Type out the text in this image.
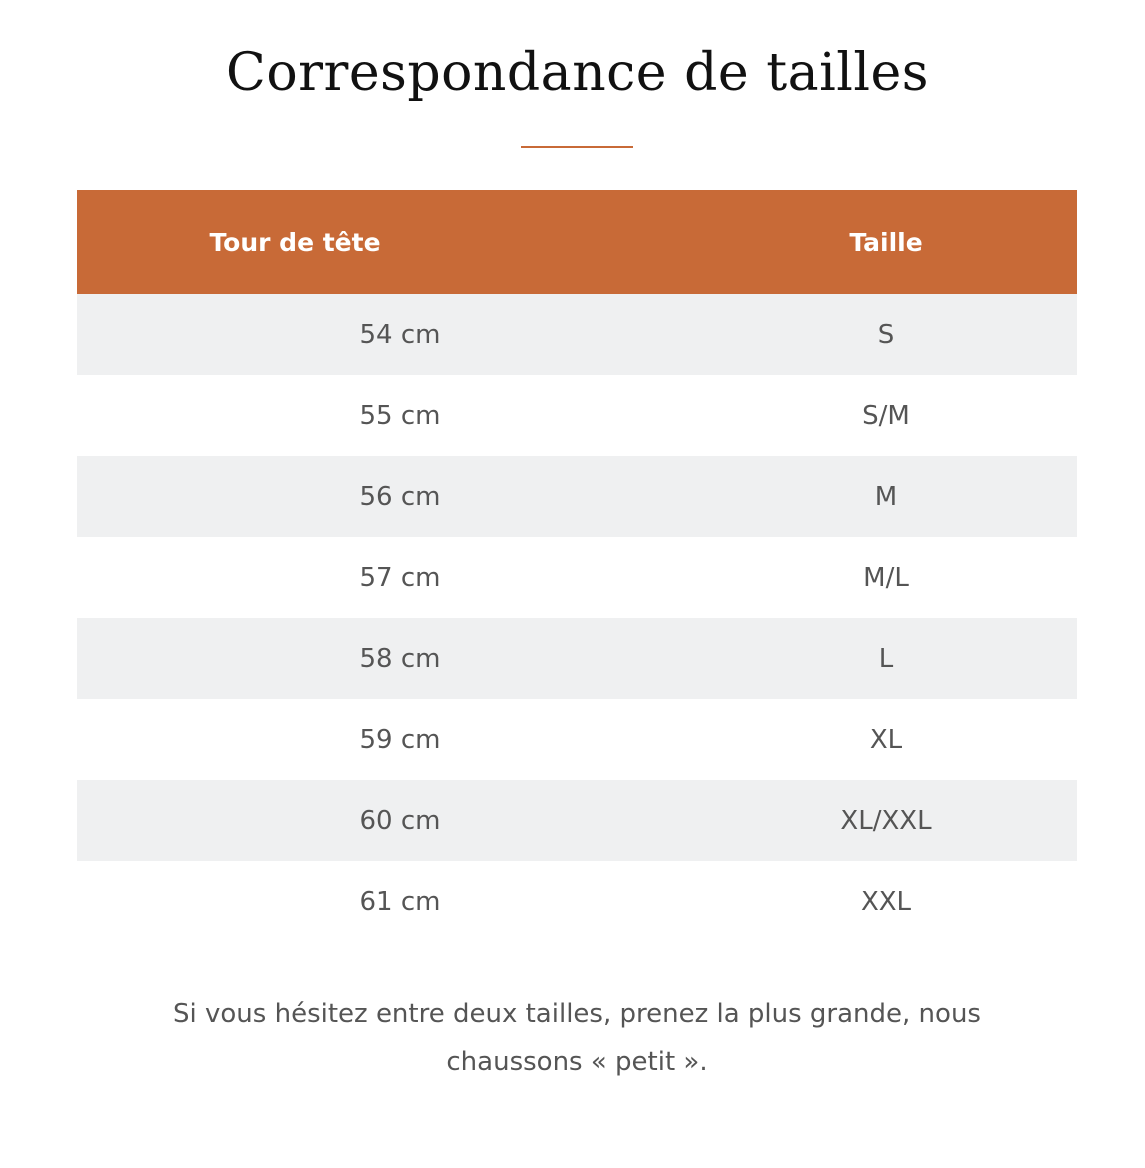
Correspondance de tailles
Tour de tête	Taille
54 cm	S
55 cm	S/M
56 cm	M
57 cm	M/L
58 cm	L
59 cm	XL
60 cm	XL/XXL
61 cm	XXL

Si vous hésitez entre deux tailles, prenez la plus grande, nous
chaussons « petit ».
